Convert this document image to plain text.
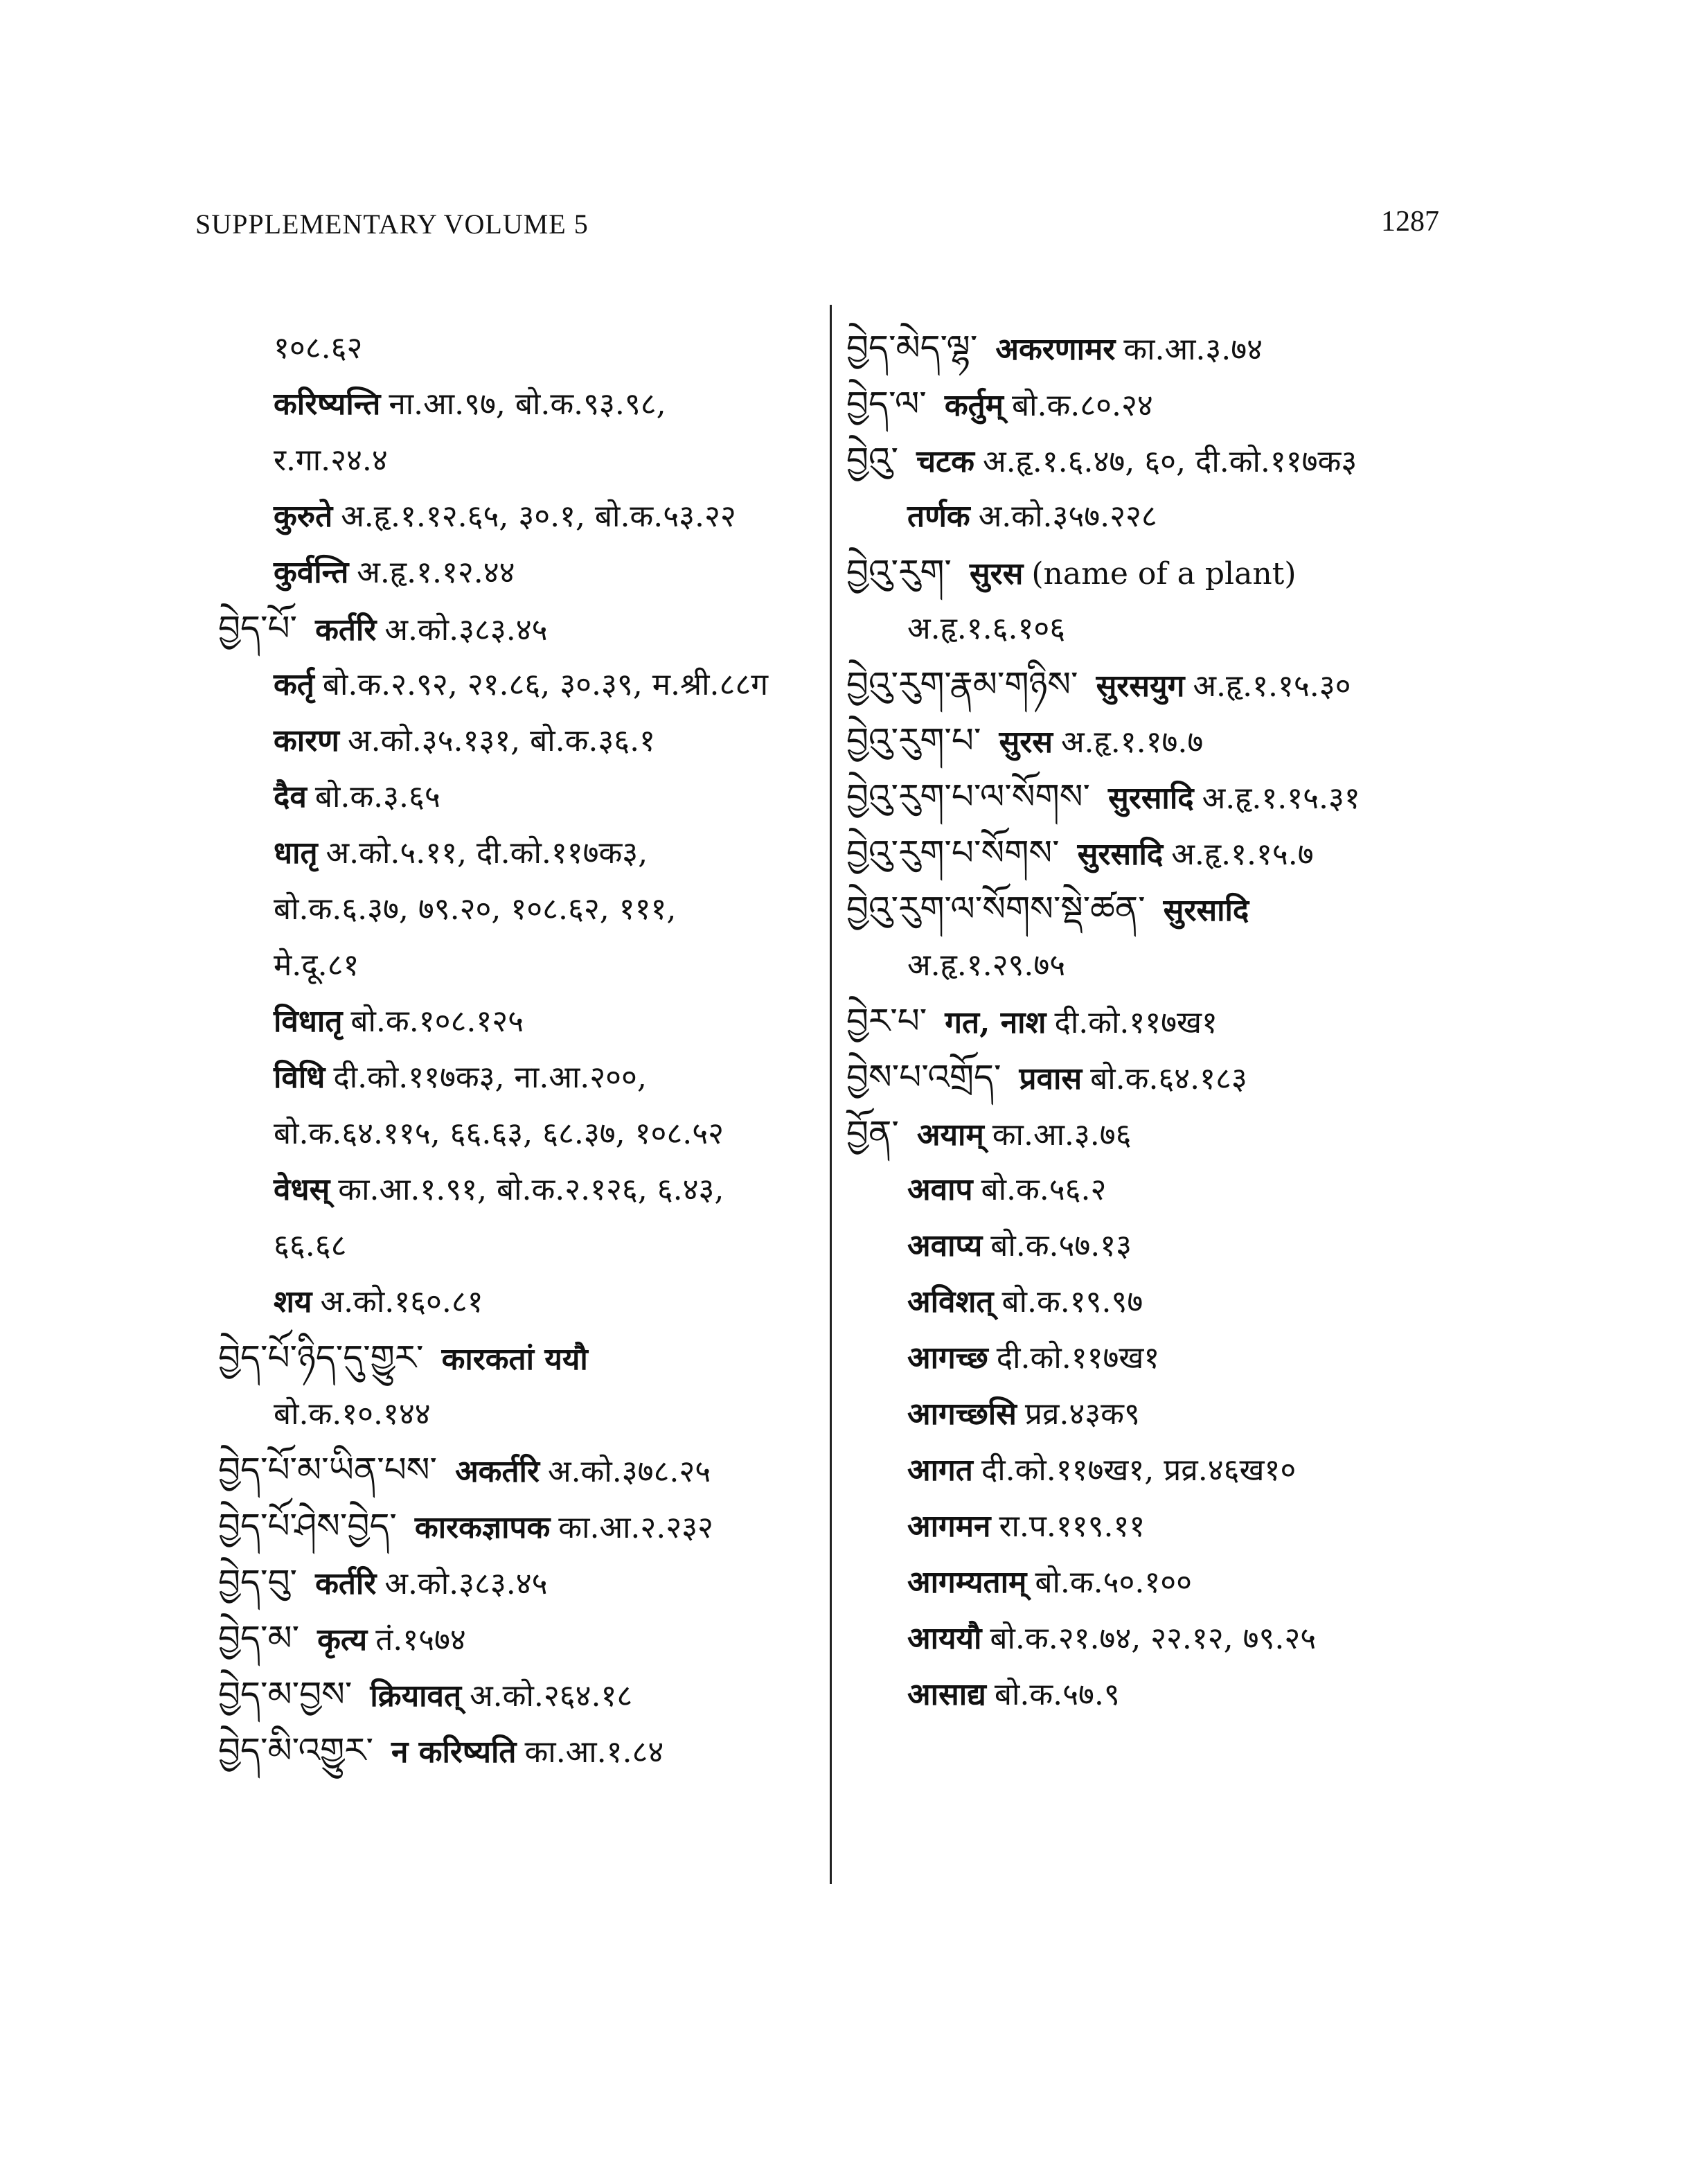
SUPPLEMENTARY VOLUME 5	1287
१०८.६२
करिष्यन्ति ना.आ.९७, बो.क.९३.९८,
र.गा.२४.४
कुरुते अ.हृ.१.१२.६५, ३०.१, बो.क.५३.२२
कुर्वन्ति अ.हृ.१.१२.४४
བྱེད་པོ་ कर्तरि अ.को.३८३.४५
कर्तृ बो.क.२.९२, २१.८६, ३०.३९, म.श्री.८८ग
कारण अ.को.३५.१३१, बो.क.३६.१
दैव बो.क.३.६५
धातृ अ.को.५.११, दी.को.११७क३,
बो.क.६.३७, ७९.२०, १०८.६२, १११,
मे.दू.८१
विधातृ बो.क.१०८.१२५
विधि दी.को.११७क३, ना.आ.२००,
बो.क.६४.११५, ६६.६३, ६८.३७, १०८.५२
वेधस् का.आ.१.९१, बो.क.२.१२६, ६.४३,
६६.६८
शय अ.को.१६०.८१
བྱེད་པོ་ཉིད་དུ་གྱུར་ कारकतां ययौ
बो.क.१०.१४४
བྱེད་པོ་མ་ཡིན་པས་ अकर्तरि अ.को.३७८.२५
བྱེད་པོ་ཤེས་བྱེད་ कारकज्ञापक का.आ.२.२३२
བྱེད་བུ་ कर्तरि अ.को.३८३.४५
བྱེད་མ་ कृत्य तं.१५७४
བྱེད་མ་བྱས་ क्रियावत् अ.को.२६४.१८
བྱེད་མི་འགྱུར་ न करिष्यति का.आ.१.८४
བྱེད་མེད་ལྷ་ अकरणामर का.आ.३.७४
བྱེད་ལ་ कर्तुम् बो.क.८०.२४
བྱེའུ་ चटक अ.हृ.१.६.४७, ६०, दी.को.११७क३
तर्णक अ.को.३५७.२२८
བྱེའུ་རུག་ सुरस (name of a plant)
अ.हृ.१.६.१०६
བྱེའུ་རུག་རྣམ་གཉིས་ सुरसयुग अ.हृ.१.१५.३०
བྱེའུ་རུག་པ་ सुरस अ.हृ.१.१७.७
བྱེའུ་རུག་པ་ལ་སོགས་ सुरसादि अ.हृ.१.१५.३१
བྱེའུ་རུག་པ་སོགས་ सुरसादि अ.हृ.१.१५.७
བྱེའུ་རུག་ལ་སོགས་སྡེ་ཚན་ सुरसादि
अ.हृ.१.२९.७५
བྱེར་པ་ गत, नाश दी.को.११७ख१
བྱེས་པ་འགྲོད་ प्रवास बो.क.६४.१८३
བྱོན་ अयाम् का.आ.३.७६
अवाप बो.क.५६.२
अवाप्य बो.क.५७.१३
अविशत् बो.क.१९.९७
आगच्छ दी.को.११७ख१
आगच्छसि प्रव्र.४३क९
आगत दी.को.११७ख१, प्रव्र.४६ख१०
आगमन रा.प.११९.११
आगम्यताम् बो.क.५०.१००
आययौ बो.क.२१.७४, २२.१२, ७९.२५
आसाद्य बो.क.५७.९
